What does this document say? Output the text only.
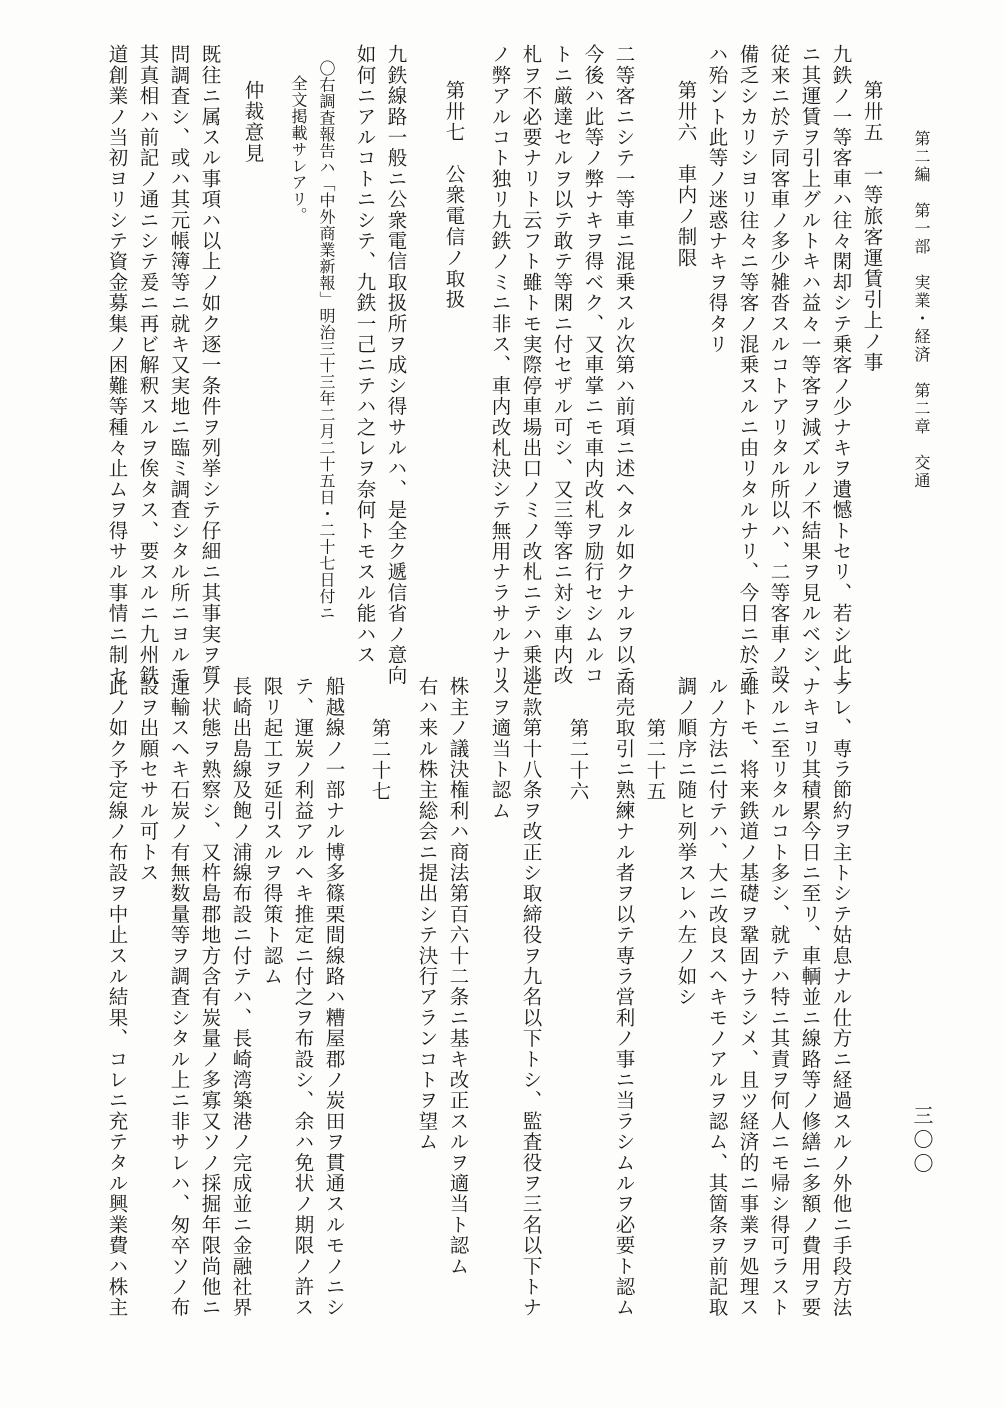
第二編　第一部　実業・経済　第二章　交通
三〇〇
第卅五　一等旅客運賃引上ノ事
九鉄ノ一等客車ハ往々閑却シテ乗客ノ少ナキヲ遺憾トセリ、若シ此上
ニ其運賃ヲ引上グルトキハ益々一等客ヲ減ズルノ不結果ヲ見ルベシ、
従来ニ於テ同客車ノ多少雑沓スルコトアリタル所以ハ、二等客車ノ設
備乏シカリシヨリ往々ニ等客ノ混乗スルニ由リタルナリ、今日ニ於テ
ハ殆ント此等ノ迷惑ナキヲ得タリ
第卅六　車内ノ制限
二等客ニシテ一等車ニ混乗スル次第ハ前項ニ述ヘタル如クナルヲ以テ
今後ハ此等ノ弊ナキヲ得ベク、又車掌ニモ車内改札ヲ励行セシムルコ
トニ厳達セルヲ以テ敢テ等閑ニ付セザル可シ、又三等客ニ対シ車内改
札ヲ不必要ナリト云フト雖トモ実際停車場出口ノミノ改札ニテハ乗逃
ノ弊アルコト独リ九鉄ノミニ非ス、車内改札決シテ無用ナラサルナリ
第卅七　公衆電信ノ取扱
九鉄線路一般ニ公衆電信取扱所ヲ成シ得サルハ、是全ク遞信省ノ意向
如何ニアルコトニシテ、九鉄一己ニテハ之レヲ奈何トモスル能ハス
〇右調査報告ハ「中外商業新報」明治三十三年二月二十五日・二十七日付ニ
全文掲載サレアリ。
仲裁意見
既往ニ属スル事項ハ以上ノ如ク逐一条件ヲ列挙シテ仔細ニ其事実ヲ質
問調査シ、或ハ其元帳簿等ニ就キ又実地ニ臨ミ調査シタル所ニヨルモ
其真相ハ前記ノ通ニシテ爰ニ再ビ解釈スルヲ俟タス、要スルニ九州鉄
道創業ノ当初ヨリシテ資金募集ノ困難等種々止ムヲ得サル事情ニ制セ
ラレ、専ラ節約ヲ主トシテ姑息ナル仕方ニ経過スルノ外他ニ手段方法
ナキヨリ其積累今日ニ至リ、車輌並ニ線路等ノ修繕ニ多額ノ費用ヲ要
スルニ至リタルコト多シ、就テハ特ニ其責ヲ何人ニモ帰シ得可ラスト
雖トモ、将来鉄道ノ基礎ヲ鞏固ナラシメ、且ツ経済的ニ事業ヲ処理ス
ルノ方法ニ付テハ、大ニ改良スヘキモノアルヲ認ム、其箇条ヲ前記取
調ノ順序ニ随ヒ列挙スレハ左ノ如シ
第二十五
商売取引ニ熟練ナル者ヲ以テ専ラ営利ノ事ニ当ラシムルヲ必要ト認ム
第二十六
定款第十八条ヲ改正シ取締役ヲ九名以下トシ、監査役ヲ三名以下トナ
スヲ適当ト認ム
株主ノ議決権利ハ商法第百六十二条ニ基キ改正スルヲ適当ト認ム
右ハ来ル株主総会ニ提出シテ決行アランコトヲ望ム
第二十七
船越線ノ一部ナル博多篠栗間線路ハ糟屋郡ノ炭田ヲ貫通スルモノニシ
テ、運炭ノ利益アルヘキ推定ニ付之ヲ布設シ、余ハ免状ノ期限ノ許ス
限リ起工ヲ延引スルヲ得策ト認ム
長崎出島線及飽ノ浦線布設ニ付テハ、長崎湾築港ノ完成並ニ金融社界
ノ状態ヲ熟察シ、又杵島郡地方含有炭量ノ多寡又ソノ採掘年限尚他ニ
運輸スヘキ石炭ノ有無数量等ヲ調査シタル上ニ非サレハ、匆卒ソノ布
設ヲ出願セサル可トス
此ノ如ク予定線ノ布設ヲ中止スル結果、コレニ充テタル興業費ハ株主
